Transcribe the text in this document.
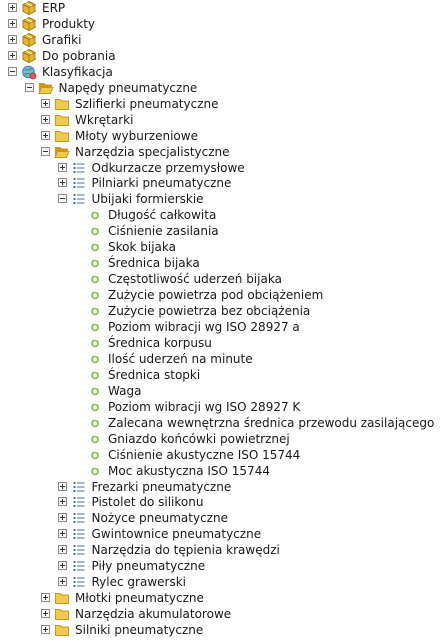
ERP
Produkty
Grafiki
Do pobrania
Klasyfikacja
Napędy pneumatyczne
Szlifierki pneumatyczne
Wkrętarki
Młoty wyburzeniowe
Narzędzia specjalistyczne
Odkurzacze przemysłowe
Pilniarki pneumatyczne
Ubijaki formierskie
Długość całkowita
Ciśnienie zasilania
Skok bijaka
Średnica bijaka
Częstotliwość uderzeń bijaka
Zużycie powietrza pod obciążeniem
Zużycie powietrza bez obciążenia
Poziom wibracji wg ISO 28927 a
Średnica korpusu
Ilość uderzeń na minute
Średnica stopki
Waga
Poziom wibracji wg ISO 28927 K
Zalecana wewnętrzna średnica przewodu zasilającego
Gniazdo końcówki powietrznej
Ciśnienie akustyczne ISO 15744
Moc akustyczna ISO 15744
Frezarki pneumatyczne
Pistolet do silikonu
Nożyce pneumatyczne
Gwintownice pneumatyczne
Narzędzia do tępienia krawędzi
Piły pneumatyczne
Rylec grawerski
Młotki pneumatyczne
Narzędzia akumulatorowe
Silniki pneumatyczne
